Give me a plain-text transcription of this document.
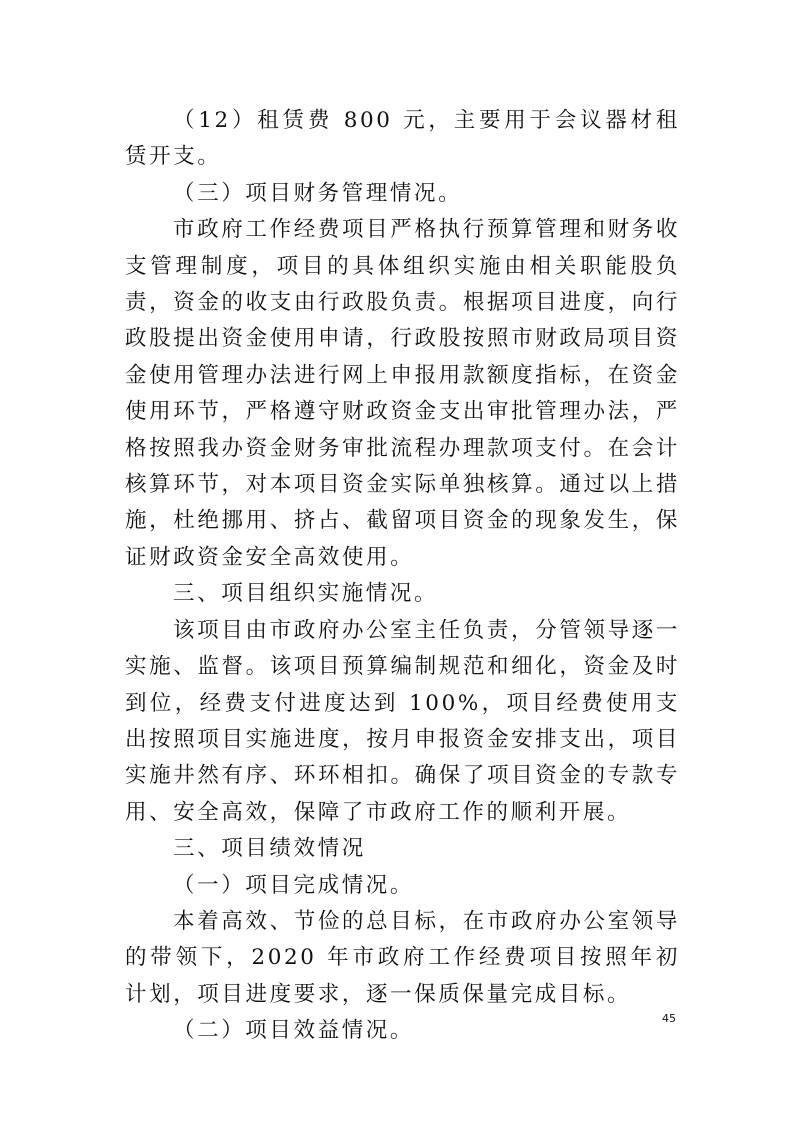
（12）租赁费 800 元，主要用于会议器材租赁开支。

（三）项目财务管理情况。

市政府工作经费项目严格执行预算管理和财务收支管理制度，项目的具体组织实施由相关职能股负责，资金的收支由行政股负责。根据项目进度，向行政股提出资金使用申请，行政股按照市财政局项目资金使用管理办法进行网上申报用款额度指标，在资金使用环节，严格遵守财政资金支出审批管理办法，严格按照我办资金财务审批流程办理款项支付。在会计核算环节，对本项目资金实际单独核算。通过以上措施，杜绝挪用、挤占、截留项目资金的现象发生，保证财政资金安全高效使用。

三、项目组织实施情况。

该项目由市政府办公室主任负责，分管领导逐一实施、监督。该项目预算编制规范和细化，资金及时到位，经费支付进度达到 100%，项目经费使用支出按照项目实施进度，按月申报资金安排支出，项目实施井然有序、环环相扣。确保了项目资金的专款专用、安全高效，保障了市政府工作的顺利开展。

三、项目绩效情况

（一）项目完成情况。

本着高效、节俭的总目标，在市政府办公室领导的带领下，2020 年市政府工作经费项目按照年初计划，项目进度要求，逐一保质保量完成目标。

（二）项目效益情况。	45
